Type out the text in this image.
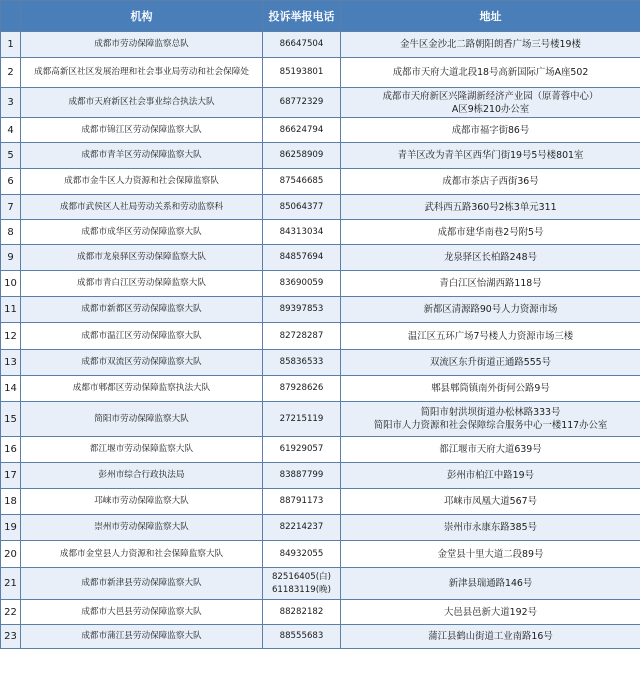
	机构	投诉举报电话	地址
1	成都市劳动保障监察总队	86647504	金牛区金沙北二路朝阳朗香广场三号楼19楼

2	成都高新区社区发展治理和社会事业局劳动和社会保障处	85193801	成都市天府大道北段18号高新国际广场A座502

3	成都市天府新区社会事业综合执法大队	68772329	成都市天府新区兴隆湖新经济产业园（原菁蓉中心）
A区9栋210办公室

4	成都市锦江区劳动保障监察大队	86624794	成都市福字街86号

5	成都市青羊区劳动保障监察大队	86258909	青羊区改为青羊区西华门街19号5号楼801室

6	成都市金牛区人力资源和社会保障监察队	87546685	成都市茶店子西街36号

7	成都市武侯区人社局劳动关系和劳动监察科	85064377	武科西五路360号2栋3单元311

8	成都市成华区劳动保障监察大队	84313034	成都市建华南巷2号附5号

9	成都市龙泉驿区劳动保障监察大队	84857694	龙泉驿区长柏路248号

10	成都市青白江区劳动保障监察大队	83690059	青白江区怡湖西路118号

11	成都市新都区劳动保障监察大队	89397853	新都区清源路90号人力资源市场

12	成都市温江区劳动保障监察大队	82728287	温江区五环广场7号楼人力资源市场三楼

13	成都市双流区劳动保障监察大队	85836533	双流区东升街道正通路555号

14	成都市郫都区劳动保障监察执法大队	87928626	郫县郫筒镇南外街何公路9号

15	简阳市劳动保障监察大队	27215119	简阳市射洪坝街道办松林路333号
简阳市人力资源和社会保障综合服务中心一楼117办公室

16	都江堰市劳动保障监察大队	61929057	都江堰市天府大道639号

17	彭州市综合行政执法局	83887799	彭州市柏江中路19号

18	邛崃市劳动保障监察大队	88791173	邛崃市凤凰大道567号

19	崇州市劳动保障监察大队	82214237	崇州市永康东路385号

20	成都市金堂县人力资源和社会保障监察大队	84932055	金堂县十里大道二段89号

21	成都市新津县劳动保障监察大队	82516405(白)
61183119(晚)	新津县瑞通路146号

22	成都市大邑县劳动保障监察大队	88282182	大邑县邑新大道192号

23	成都市蒲江县劳动保障监察大队	88555683	蒲江县鹤山街道工业南路16号
